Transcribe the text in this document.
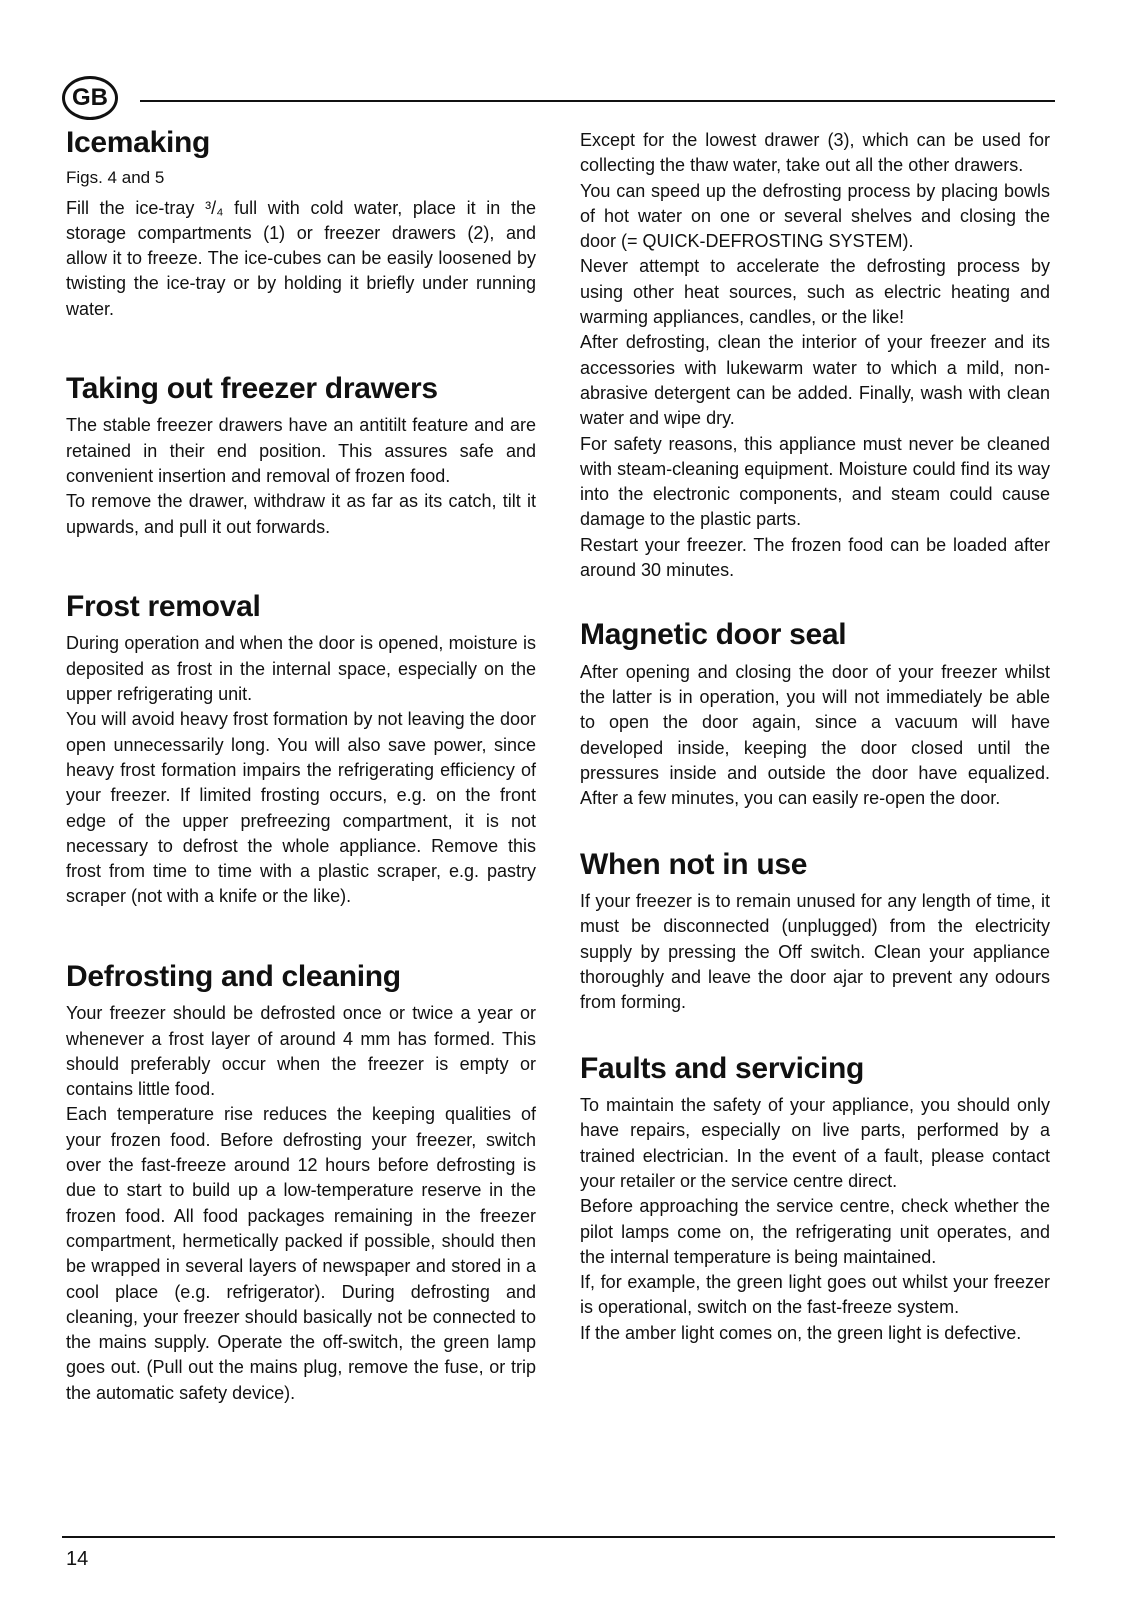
GB
Icemaking
Figs. 4 and 5

Fill the ice-tray ³/₄ full with cold water, place it in the storage compartments (1) or freezer drawers (2), and allow it to freeze. The ice-cubes can be easily loosened by twisting the ice-tray or by holding it briefly under running water.

Taking out freezer drawers

The stable freezer drawers have an antitilt feature and are retained in their end position. This assures safe and convenient insertion and removal of frozen food.

To remove the drawer, withdraw it as far as its catch, tilt it upwards, and pull it out forwards.

Frost removal

During operation and when the door is opened, moisture is deposited as frost in the internal space, especially on the upper refrigerating unit.

You will avoid heavy frost formation by not leaving the door open unnecessarily long. You will also save power, since heavy frost formation impairs the refrigerating efficiency of your freezer. If limited frosting occurs, e.g. on the front edge of the upper prefreezing compartment, it is not necessary to defrost the whole appliance. Remove this frost from time to time with a plastic scraper, e.g. pastry scraper (not with a knife or the like).

Defrosting and cleaning

Your freezer should be defrosted once or twice a year or whenever a frost layer of around 4 mm has formed. This should preferably occur when the freezer is empty or contains little food.

Each temperature rise reduces the keeping qualities of your frozen food. Before defrosting your freezer, switch over the fast-freeze around 12 hours before defrosting is due to start to build up a low-temperature reserve in the frozen food. All food packages remaining in the freezer compartment, hermetically packed if possible, should then be wrapped in several layers of newspaper and stored in a cool place (e.g. refrigerator). During defrosting and cleaning, your freezer should basically not be connected to the mains supply. Operate the off-switch, the green lamp goes out. (Pull out the mains plug, remove the fuse, or trip the automatic safety device).

Except for the lowest drawer (3), which can be used for collecting the thaw water, take out all the other drawers.

You can speed up the defrosting process by placing bowls of hot water on one or several shelves and closing the door (= QUICK-DEFROSTING SYSTEM).

Never attempt to accelerate the defrosting process by using other heat sources, such as electric heating and warming appliances, candles, or the like!

After defrosting, clean the interior of your freezer and its accessories with lukewarm water to which a mild, non-abrasive detergent can be added. Finally, wash with clean water and wipe dry.

For safety reasons, this appliance must never be cleaned with steam-cleaning equipment. Moisture could find its way into the electronic components, and steam could cause damage to the plastic parts.

Restart your freezer. The frozen food can be loaded after around 30 minutes.

Magnetic door seal

After opening and closing the door of your freezer whilst the latter is in operation, you will not immediately be able to open the door again, since a vacuum will have developed inside, keeping the door closed until the pressures inside and outside the door have equalized. After a few minutes, you can easily re-open the door.

When not in use

If your freezer is to remain unused for any length of time, it must be disconnected (unplugged) from the electricity supply by pressing the Off switch. Clean your appliance thoroughly and leave the door ajar to prevent any odours from forming.

Faults and servicing

To maintain the safety of your appliance, you should only have repairs, especially on live parts, performed by a trained electrician. In the event of a fault, please contact your retailer or the service centre direct.

Before approaching the service centre, check whether the pilot lamps come on, the refrigerating unit operates, and the internal temperature is being maintained.

If, for example, the green light goes out whilst your freezer is operational, switch on the fast-freeze system.

If the amber light comes on, the green light is defective.

14
